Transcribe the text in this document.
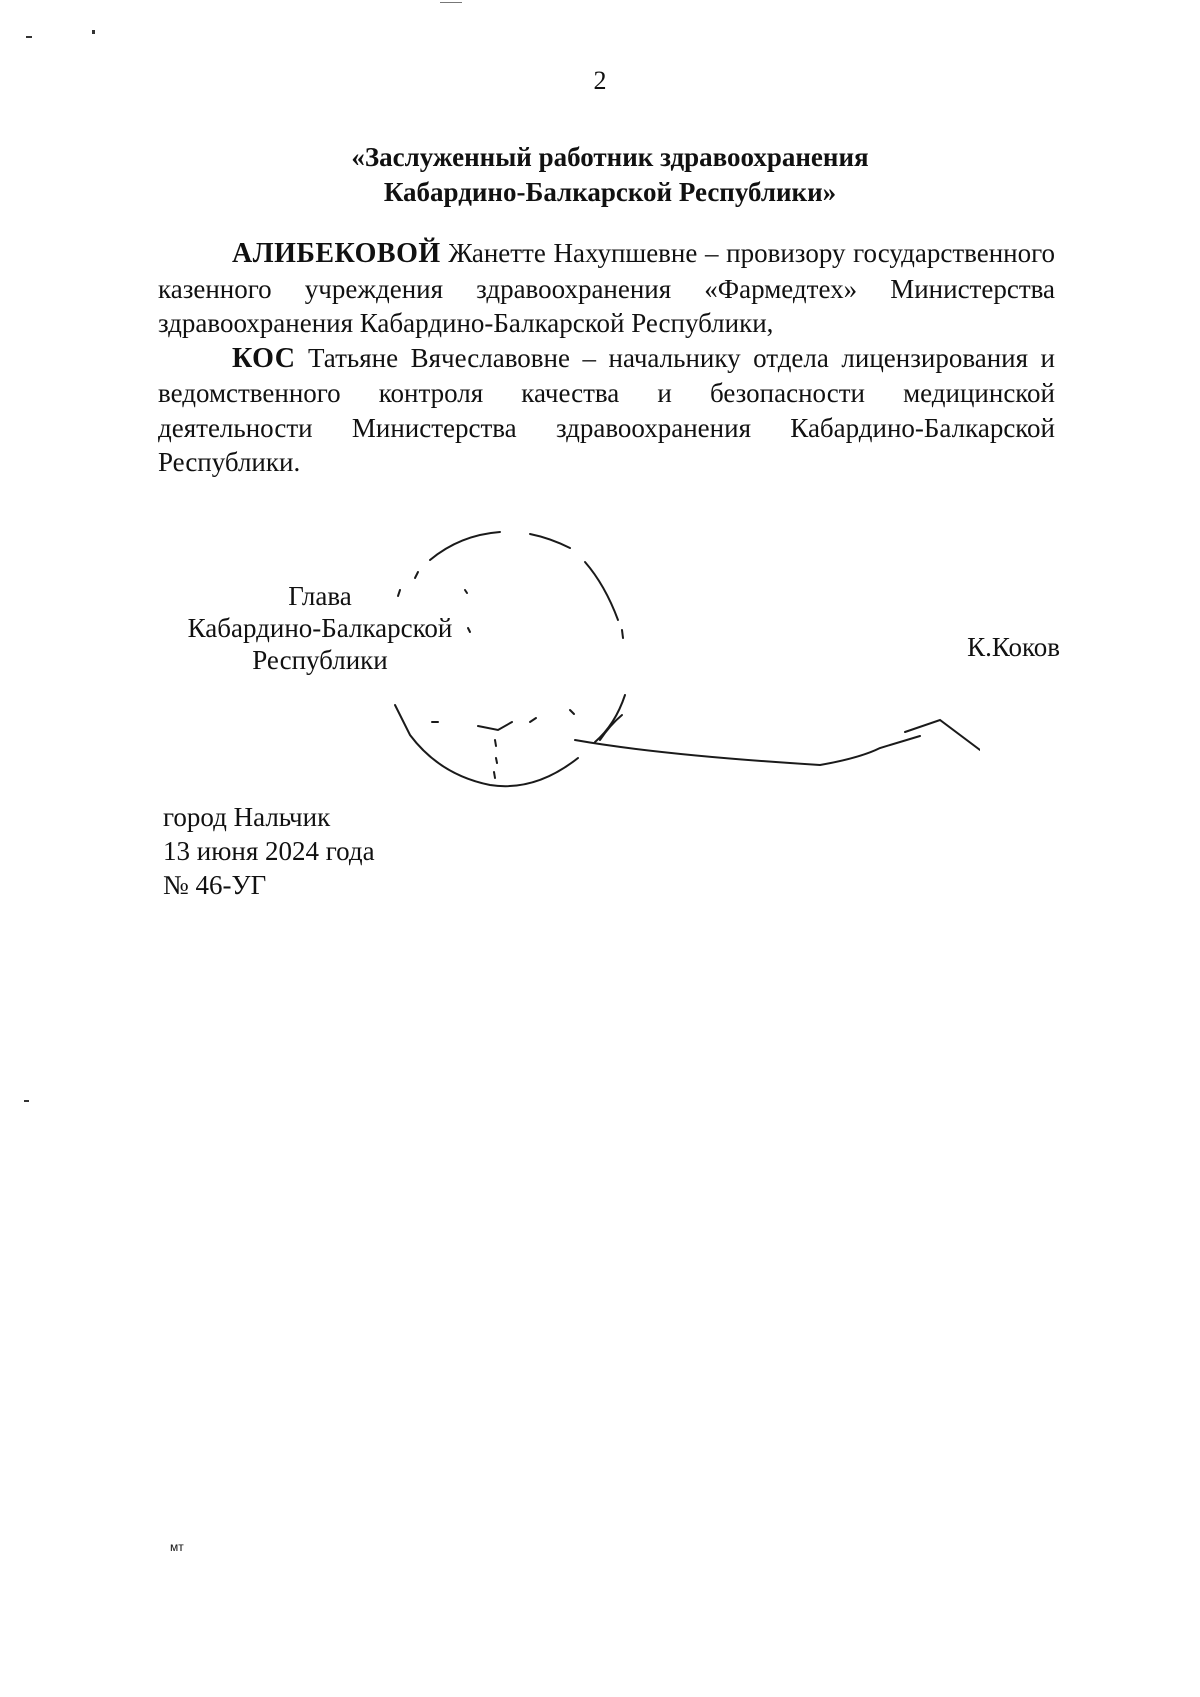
2
«Заслуженный работник здравоохранения
Кабардино-Балкарской Республики»

АЛИБЕКОВОЙ Жанетте Нахупшевне – провизору государственного казенного учреждения здравоохранения «Фармедтех» Министерства здравоохранения Кабардино-Балкарской Республики,

КОС Татьяне Вячеславовне – начальнику отдела лицензирования и ведомственного контроля качества и безопасности медицинской деятельности Министерства здравоохранения Кабардино-Балкарской Республики.

Глава
Кабардино-Балкарской
Республики	К.Коков
город Нальчик
13 июня 2024 года
№ 46-УГ
мт
